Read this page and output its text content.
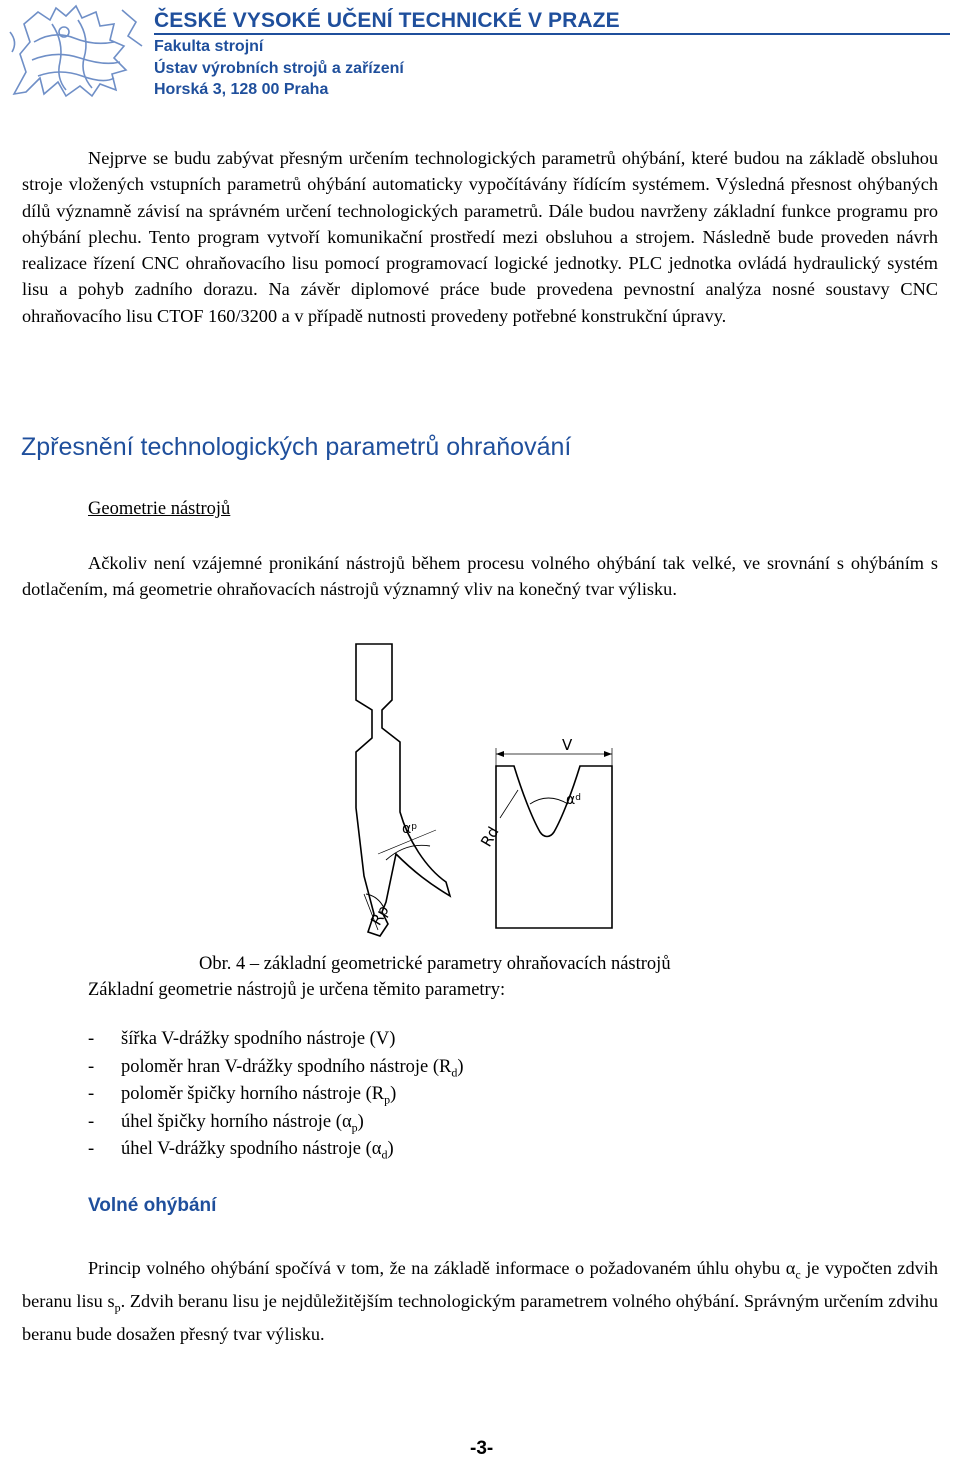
ČESKÉ VYSOKÉ UČENÍ TECHNICKÉ V PRAZE
Fakulta strojní
Ústav výrobních strojů a zařízení
Horská 3, 128 00 Praha

Nejprve se budu zabývat přesným určením technologických parametrů ohýbání, které budou na základě obsluhou stroje vložených vstupních parametrů ohýbání automaticky vypočítávány řídícím systémem. Výsledná přesnost ohýbaných dílů významně závisí na správném určení technologických parametrů. Dále budou navrženy základní funkce programu pro ohýbání plechu. Tento program vytvoří komunikační prostředí mezi obsluhou a strojem. Následně bude proveden návrh realizace řízení CNC ohraňovacího lisu pomocí programovací logické jednotky. PLC jednotka ovládá hydraulický systém lisu a pohyb zadního dorazu. Na závěr diplomové práce bude provedena pevnostní analýza nosné soustavy CNC ohraňovacího lisu CTOF 160/3200 a v případě nutnosti provedeny potřebné konstrukční úpravy.

Zpřesnění technologických parametrů ohraňování
Geometrie nástrojů

Ačkoliv není vzájemné pronikání nástrojů během procesu volného ohýbání tak velké, ve srovnání s ohýbáním s dotlačením, má geometrie ohraňovacích nástrojů významný vliv na konečný tvar výlisku.

$\alpha^p$
Rp
V
$\alpha^d$
Rd
Obr. 4 – základní geometrické parametry ohraňovacích nástrojů
Základní geometrie nástrojů je určena těmito parametry:
- šířka V-drážky spodního nástroje (V)
- poloměr hran V-drážky spodního nástroje $(R_d)$
- poloměr špičky horního nástroje $(R_p)$
- úhel špičky horního nástroje $(\alpha_p)$
- úhel V-drážky spodního nástroje $(\alpha_d)$
Volné ohýbání

Princip volného ohýbání spočívá v tom, že na základě informace o požadovaném úhlu ohybu $\alpha_c$ je vypočten zdvih beranu lisu $s_p$. Zdvih beranu lisu je nejdůležitějším technologickým parametrem volného ohýbání. Správným určením zdvihu beranu bude dosažen přesný tvar výlisku.

-3-
